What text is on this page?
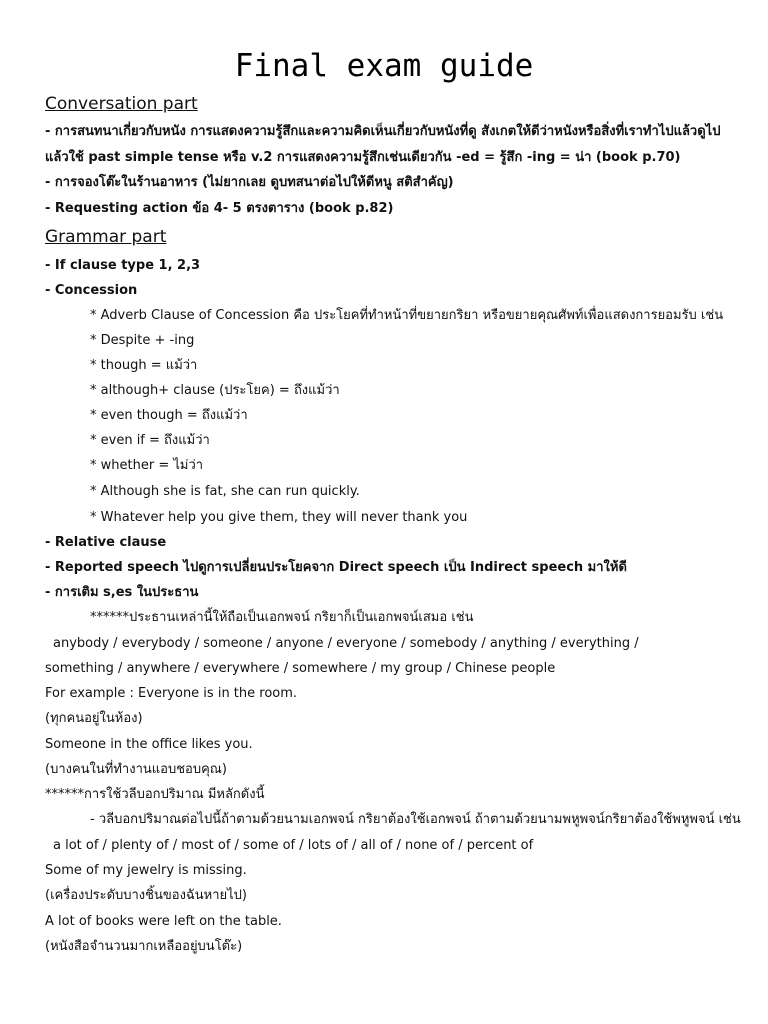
Final exam guide
Conversation part
- การสนทนาเกี่ยวกับหนัง การแสดงความรู้สึกและความคิดเห็นเกี่ยวกับหนังที่ดู สังเกตให้ดีว่าหนังหรือสิ่งที่เราทำไปแล้วดูไป
แล้วใช้ past simple tense หรือ v.2 การแสดงความรู้สึกเช่นเดียวกัน -ed = รู้สึก -ing = น่า (book p.70)
- การจองโต๊ะในร้านอาหาร (ไม่ยากเลย ดูบทสนาต่อไปให้ดีหนู สติสำคัญ)
- Requesting action ข้อ 4- 5 ตรงตาราง (book p.82)
Grammar part
- If clause type 1, 2,3
- Concession
* Adverb Clause of Concession คือ ประโยคที่ทำหน้าที่ขยายกริยา หรือขยายคุณศัพท์เพื่อแสดงการยอมรับ เช่น
* Despite + -ing
* though = แม้ว่า
* although+ clause (ประโยค) = ถึงแม้ว่า
* even though = ถึงแม้ว่า
* even if = ถึงแม้ว่า
* whether = ไม่ว่า
* Although she is fat, she can run quickly.
* Whatever help you give them, they will never thank you
- Relative clause
- Reported speech ไปดูการเปลี่ยนประโยคจาก Direct speech เป็น Indirect speech มาให้ดี
- การเติม s,es ในประธาน
******ประธานเหล่านี้ให้ถือเป็นเอกพจน์ กริยาก็เป็นเอกพจน์เสมอ เช่น
anybody / everybody / someone / anyone / everyone / somebody / anything / everything /
something / anywhere / everywhere / somewhere / my group / Chinese people
For example : Everyone is in the room.
(ทุกคนอยู่ในห้อง)
Someone in the office likes you.
(บางคนในที่ทำงานแอบชอบคุณ)
******การใช้วลีบอกปริมาณ มีหลักดังนี้
- วลีบอกปริมาณต่อไปนี้ถ้าตามด้วยนามเอกพจน์ กริยาต้องใช้เอกพจน์ ถ้าตามด้วยนามพหูพจน์กริยาต้องใช้พหูพจน์ เช่น
a lot of / plenty of / most of / some of / lots of / all of / none of / percent of
Some of my jewelry is missing.
(เครื่องประดับบางชิ้นของฉันหายไป)
A lot of books were left on the table.
(หนังสือจำนวนมากเหลืออยู่บนโต๊ะ)
